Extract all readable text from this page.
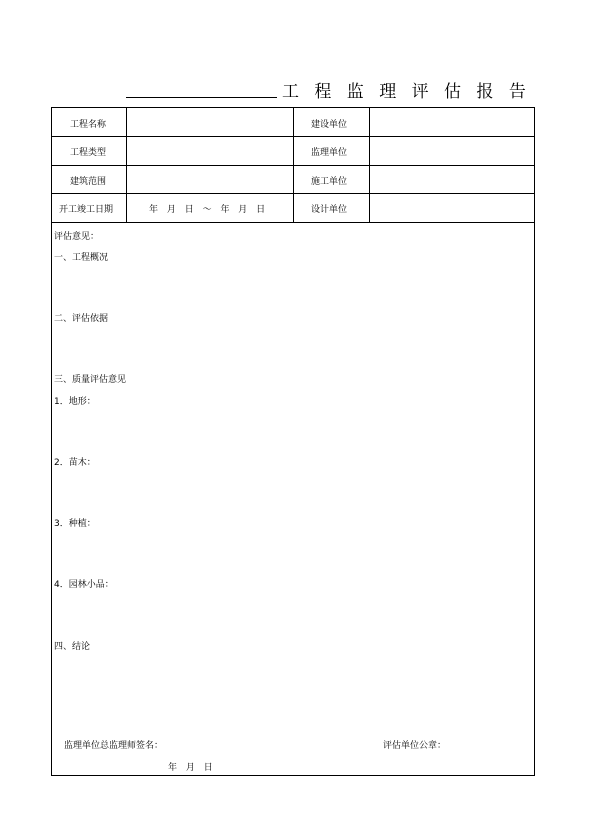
工 程 监 理 评 估 报 告
工程名称	建设单位
工程类型	监理单位
建筑范围	施工单位
开工竣工日期	年 月 日 ～ 年 月 日	设计单位
评估意见：
一、工程概况
二、评估依据
三、质量评估意见
1．地形：
2．苗木：
3．种植：
4．园林小品：
四、结论
监理单位总监理师签名：	评估单位公章：
年 月 日
